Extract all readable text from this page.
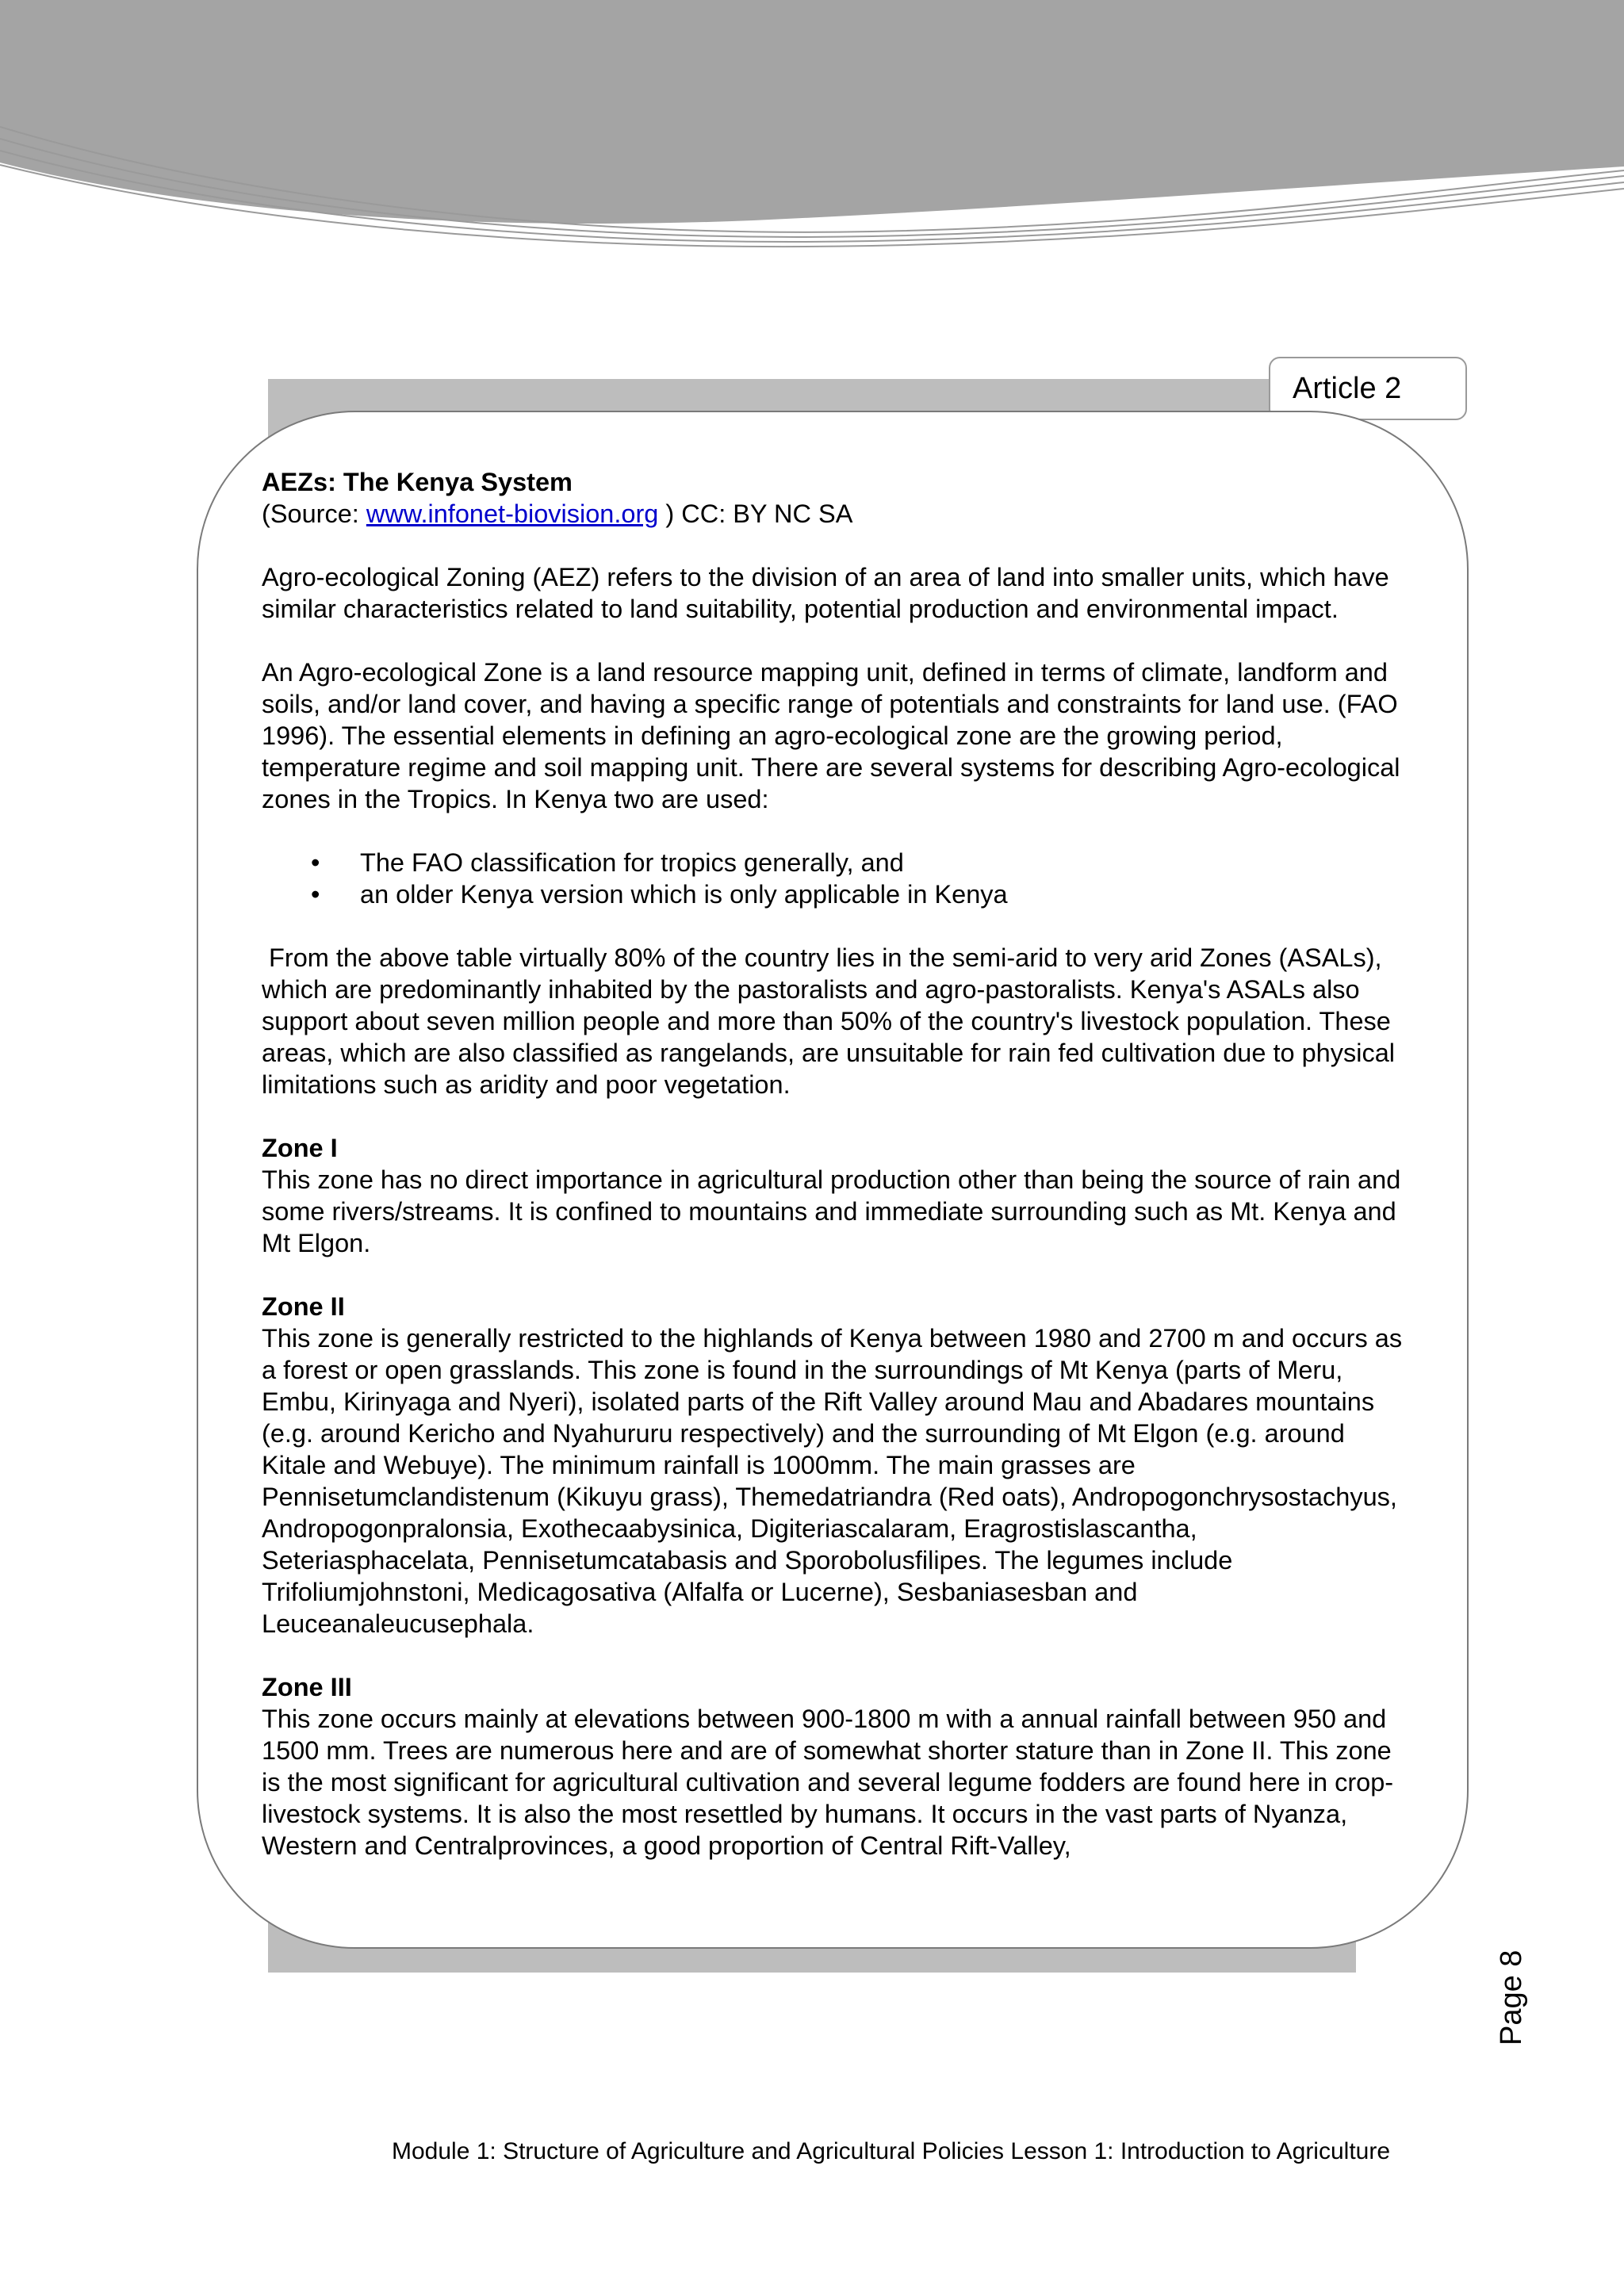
Article 2
AEZs: The Kenya System

(Source: www.infonet-biovision.org ) CC: BY NC SA

Agro-ecological Zoning (AEZ) refers to the division of an area of land into smaller units, which have similar characteristics related to land suitability, potential production and environmental impact.

An Agro-ecological Zone is a land resource mapping unit, defined in terms of climate, landform and soils, and/or land cover, and having a specific range of potentials and constraints for land use. (FAO 1996). The essential elements in defining an agro-ecological zone are the growing period, temperature regime and soil mapping unit. There are several systems for describing Agro-ecological zones in the Tropics. In Kenya two are used:

• The FAO classification for tropics generally, and
• an older Kenya version which is only applicable in Kenya

From the above table virtually 80% of the country lies in the semi-arid to very arid Zones (ASALs), which are predominantly inhabited by the pastoralists and agro-pastoralists. Kenya's ASALs also support about seven million people and more than 50% of the country's livestock population. These areas, which are also classified as rangelands, are unsuitable for rain fed cultivation due to physical limitations such as aridity and poor vegetation.

Zone I

This zone has no direct importance in agricultural production other than being the source of rain and some rivers/streams. It is confined to mountains and immediate surrounding such as Mt. Kenya and Mt Elgon.

Zone II

This zone is generally restricted to the highlands of Kenya between 1980 and 2700 m and occurs as a forest or open grasslands. This zone is found in the surroundings of Mt Kenya (parts of Meru, Embu, Kirinyaga and Nyeri), isolated parts of the Rift Valley around Mau and Abadares mountains (e.g. around Kericho and Nyahururu respectively) and the surrounding of Mt Elgon (e.g. around Kitale and Webuye). The minimum rainfall is 1000mm. The main grasses are Pennisetumclandistenum (Kikuyu grass), Themedatriandra (Red oats), Andropogonchrysostachyus, Andropogonpralonsia, Exothecaabysinica, Digiteriascalaram, Eragrostislascantha, Seteriasphacelata, Pennisetumcatabasis and Sporobolusfilipes. The legumes include Trifoliumjohnstoni, Medicagosativa (Alfalfa or Lucerne), Sesbaniasesban and Leuceanaleucusephala.

Zone III

This zone occurs mainly at elevations between 900-1800 m with a annual rainfall between 950 and 1500 mm. Trees are numerous here and are of somewhat shorter stature than in Zone II. This zone is the most significant for agricultural cultivation and several legume fodders are found here in crop-livestock systems. It is also the most resettled by humans. It occurs in the vast parts of Nyanza, Western and Centralprovinces, a good proportion of Central Rift-Valley,

Page 8
Module 1: Structure of Agriculture and Agricultural Policies Lesson 1: Introduction to Agriculture
